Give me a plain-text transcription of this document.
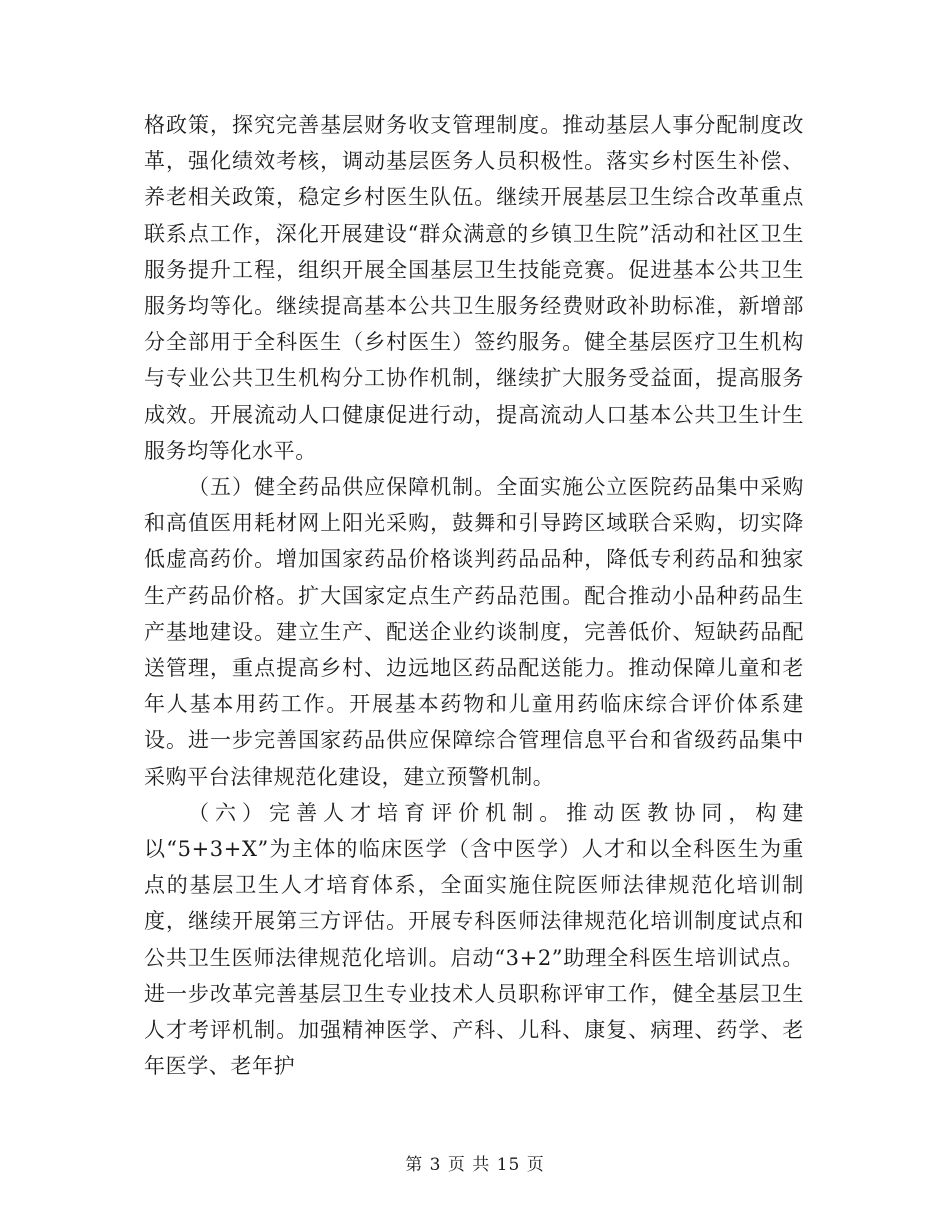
格政策，探究完善基层财务收支管理制度。推动基层人事分配制度改革，强化绩效考核，调动基层医务人员积极性。落实乡村医生补偿、养老相关政策，稳定乡村医生队伍。继续开展基层卫生综合改革重点联系点工作，深化开展建设“群众满意的乡镇卫生院”活动和社区卫生服务提升工程，组织开展全国基层卫生技能竞赛。促进基本公共卫生服务均等化。继续提高基本公共卫生服务经费财政补助标准，新增部分全部用于全科医生（乡村医生）签约服务。健全基层医疗卫生机构与专业公共卫生机构分工协作机制，继续扩大服务受益面，提高服务成效。开展流动人口健康促进行动，提高流动人口基本公共卫生计生服务均等化水平。

（五）健全药品供应保障机制。全面实施公立医院药品集中采购和高值医用耗材网上阳光采购，鼓舞和引导跨区域联合采购，切实降低虚高药价。增加国家药品价格谈判药品品种，降低专利药品和独家生产药品价格。扩大国家定点生产药品范围。配合推动小品种药品生产基地建设。建立生产、配送企业约谈制度，完善低价、短缺药品配送管理，重点提高乡村、边远地区药品配送能力。推动保障儿童和老年人基本用药工作。开展基本药物和儿童用药临床综合评价体系建设。进一步完善国家药品供应保障综合管理信息平台和省级药品集中采购平台法律规范化建设，建立预警机制。

（六）完善人才培育评价机制。推动医教协同，构建以“5+3+X”为主体的临床医学（含中医学）人才和以全科医生为重点的基层卫生人才培育体系，全面实施住院医师法律规范化培训制度，继续开展第三方评估。开展专科医师法律规范化培训制度试点和公共卫生医师法律规范化培训。启动“3+2”助理全科医生培训试点。进一步改革完善基层卫生专业技术人员职称评审工作，健全基层卫生人才考评机制。加强精神医学、产科、儿科、康复、病理、药学、老年医学、老年护

第 3 页 共 15 页
